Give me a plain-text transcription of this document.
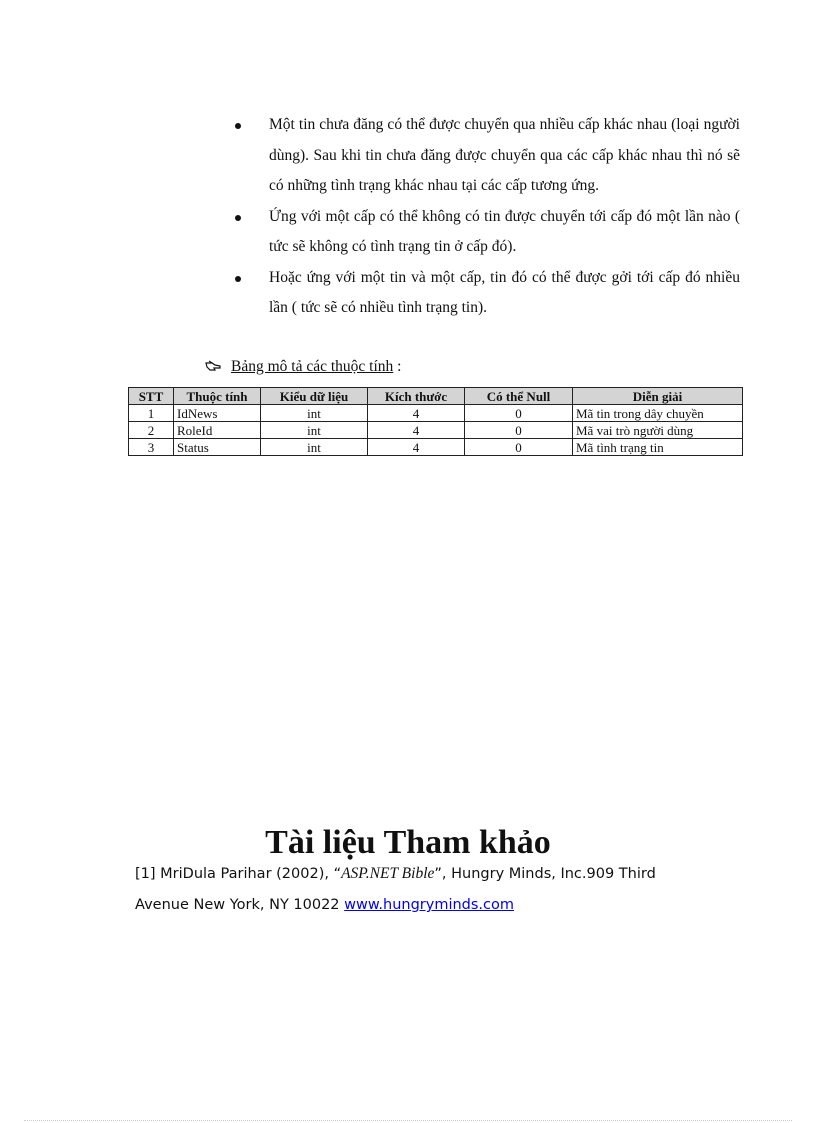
Một tin chưa đăng có thể được chuyển qua nhiều cấp khác nhau (loại người dùng). Sau khi tin chưa đăng được chuyển qua các cấp khác nhau thì nó sẽ có những tình trạng khác nhau tại các cấp tương ứng.
Ứng với một cấp có thể không có tin được chuyển tới cấp đó một lần nào ( tức sẽ không có tình trạng tin ở cấp đó).
Hoặc ứng với một tin và một cấp, tin đó có thể được gởi tới cấp đó nhiều lần ( tức sẽ có nhiều tình trạng tin).
Bảng mô tả các thuộc tính :
STT	Thuộc tính	Kiểu dữ liệu	Kích thước	Có thể Null	Diễn giải
1	IdNews	int	4	0	Mã tin trong dây chuyền
2	RoleId	int	4	0	Mã vai trò người dùng
3	Status	int	4	0	Mã tình trạng tin
Tài liệu Tham khảo
[1] MriDula Parihar (2002), “ASP.NET Bible”, Hungry Minds, Inc.909 Third Avenue New York, NY 10022 www.hungryminds.com
